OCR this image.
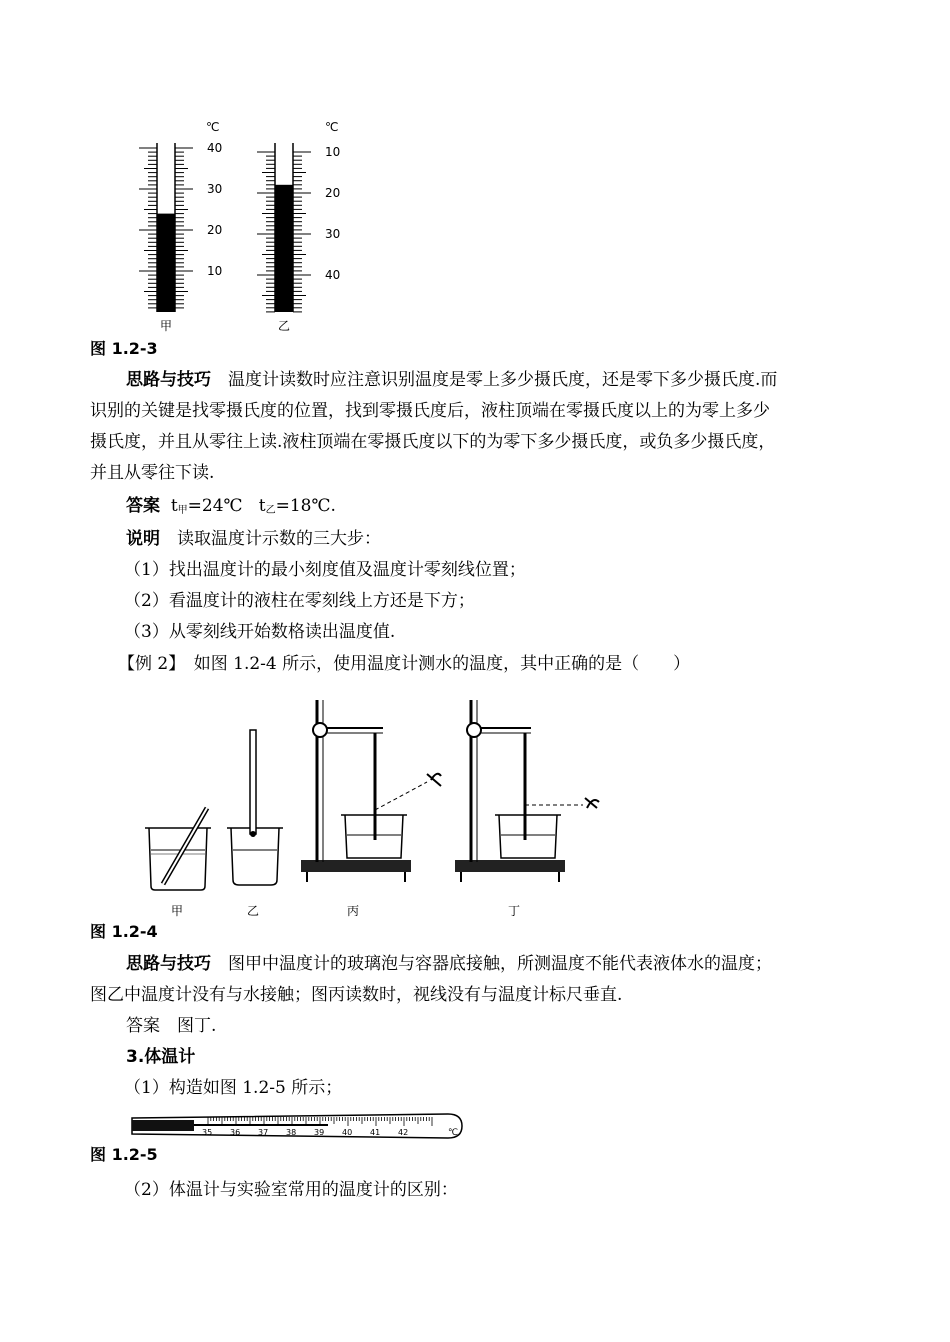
℃
40
30
20
10
甲
℃
10
20
30
40
乙
图 1.2-3
思路与技巧　 温度计读数时应注意识别温度是零上多少摄氏度，还是零下多少摄氏度.而
识别的关键是找零摄氏度的位置，找到零摄氏度后，液柱顶端在零摄氏度以上的为零上多少
摄氏度，并且从零往上读.液柱顶端在零摄氏度以下的为零下多少摄氏度，或负多少摄氏度，
并且从零往下读.
答案 $t_甲=24℃$ $t_乙=18℃$.
说明　 读取温度计示数的三大步：
（1）找出温度计的最小刻度值及温度计零刻线位置；
（2）看温度计的液柱在零刻线上方还是下方；
（3）从零刻线开始数格读出温度值.
【例 2】　 如图 1.2-4 所示，使用温度计测水的温度，其中正确的是（　　）
甲	乙	丙	丁
图 1.2-4
思路与技巧　 图甲中温度计的玻璃泡与容器底接触，所测温度不能代表液体水的温度；
图乙中温度计没有与水接触；图丙读数时，视线没有与温度计标尺垂直.
答案　图丁.
3.体温计
（1）构造如图 1.2-5 所示；
35 36 37 38 39 40 41 42	℃
图 1.2-5
（2）体温计与实验室常用的温度计的区别：
